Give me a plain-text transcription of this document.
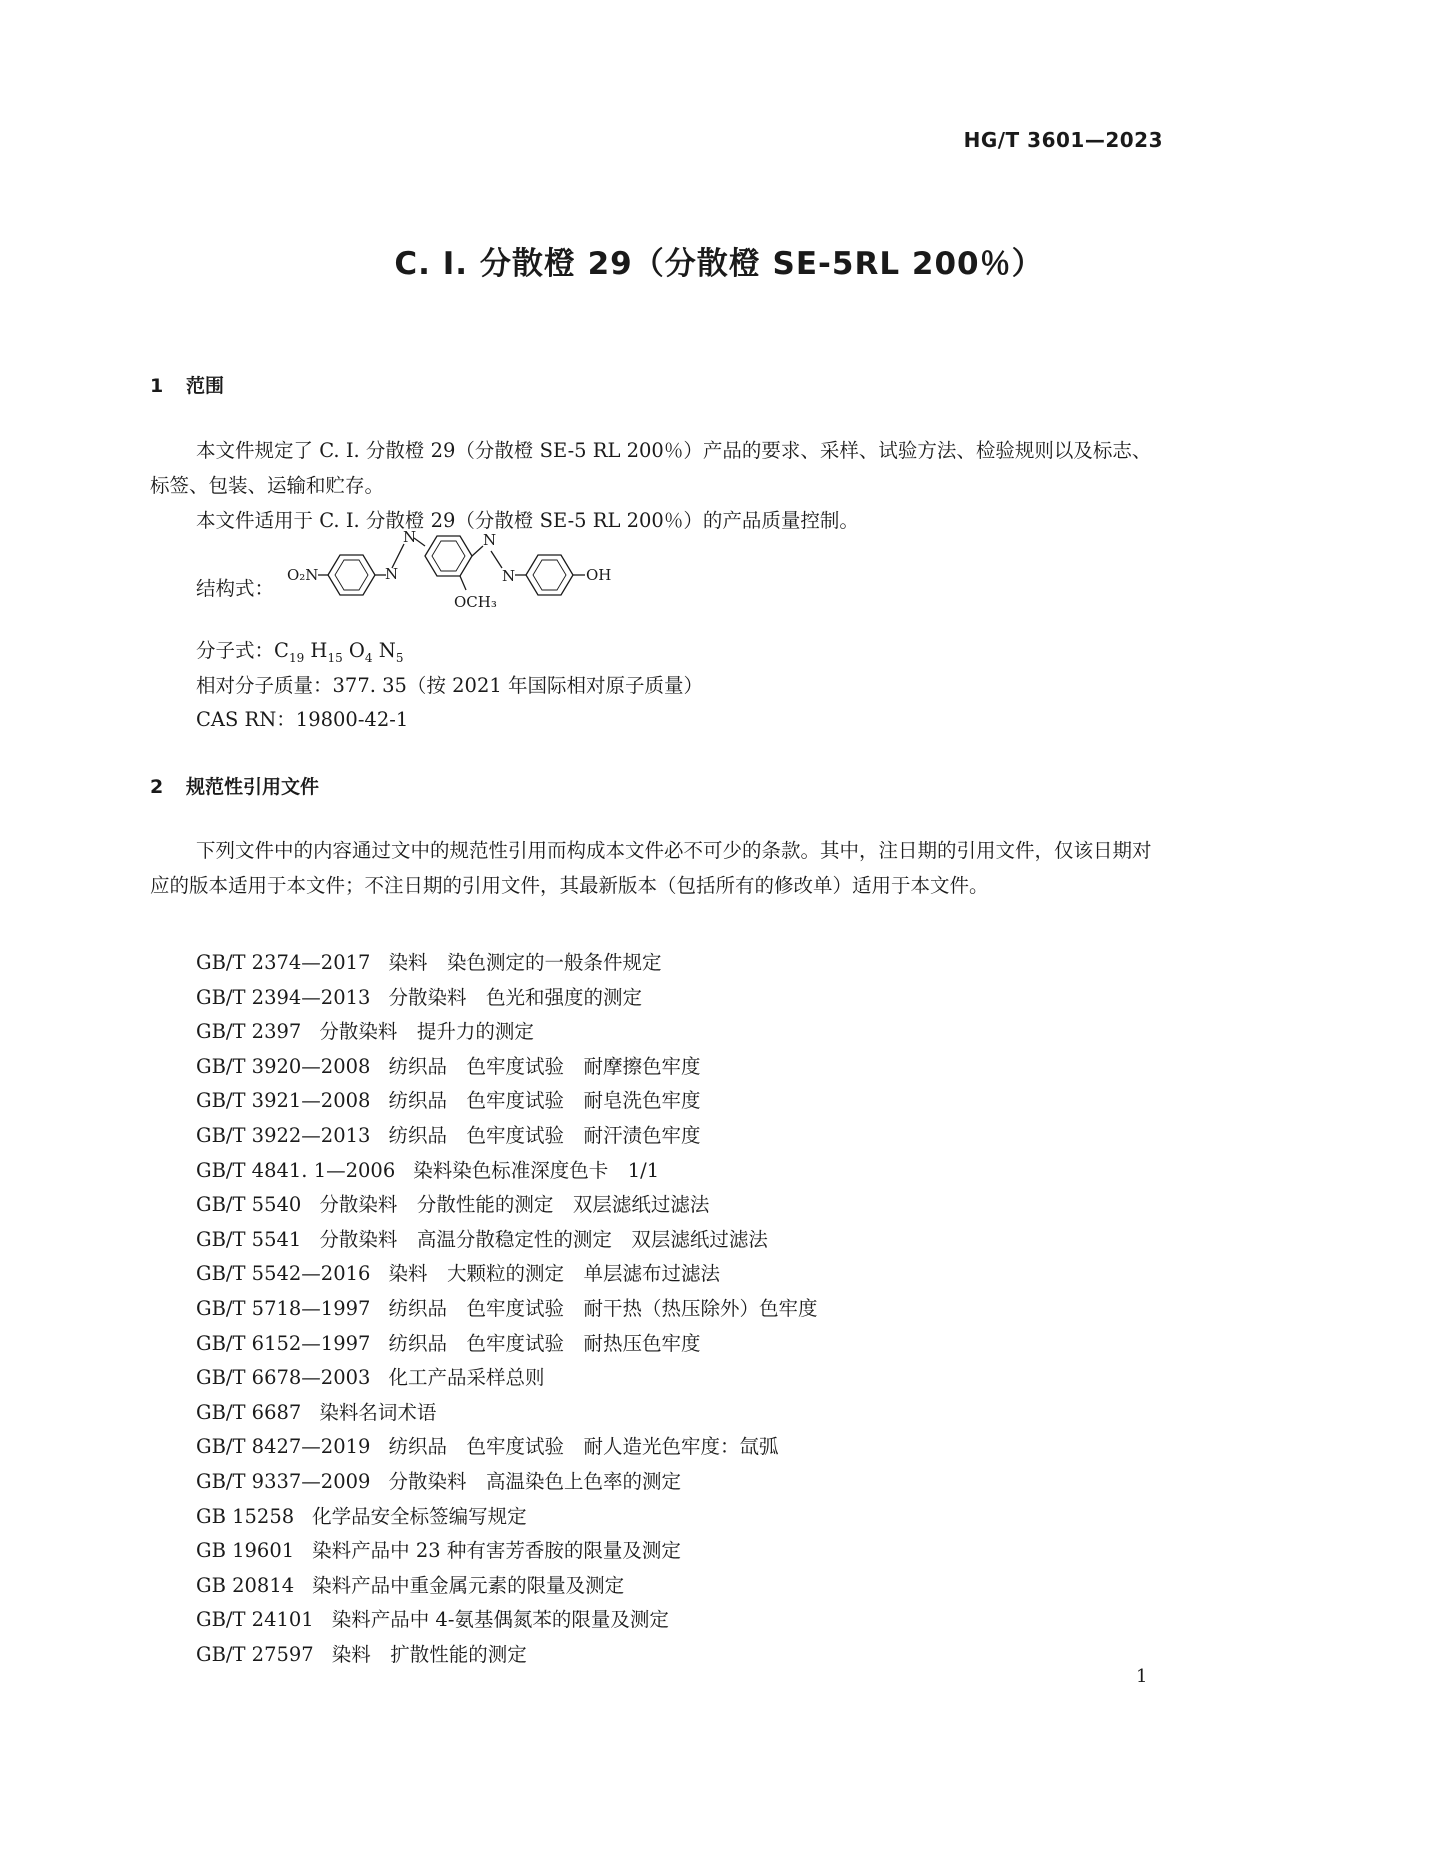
HG/T 3601—2023
C. I. 分散橙 29（分散橙 SE-5RL 200％）
1 范围
本文件规定了 C. I. 分散橙 29（分散橙 SE-5 RL 200％）产品的要求、采样、试验方法、检验规则以及标志、标签、包装、运输和贮存。
本文件适用于 C. I. 分散橙 29（分散橙 SE-5 RL 200％）的产品质量控制。
结构式：
O₂N	N
N
OCH₃
N
N	OH
分子式：$C_{19}$ $H_{15}$ $O_4$ $N_5$
相对分子质量：377. 35（按 2021 年国际相对原子质量）
CAS RN：19800-42-1
2 规范性引用文件
下列文件中的内容通过文中的规范性引用而构成本文件必不可少的条款。其中，注日期的引用文件，仅该日期对应的版本适用于本文件；不注日期的引用文件，其最新版本（包括所有的修改单）适用于本文件。
GB/T 2374—2017 染料　染色测定的一般条件规定
GB/T 2394—2013 分散染料　色光和强度的测定
GB/T 2397 分散染料　提升力的测定
GB/T 3920—2008 纺织品　色牢度试验　耐摩擦色牢度
GB/T 3921—2008 纺织品　色牢度试验　耐皂洗色牢度
GB/T 3922—2013 纺织品　色牢度试验　耐汗渍色牢度
GB/T 4841. 1—2006 染料染色标准深度色卡　1/1
GB/T 5540 分散染料　分散性能的测定　双层滤纸过滤法
GB/T 5541 分散染料　高温分散稳定性的测定　双层滤纸过滤法
GB/T 5542—2016 染料　大颗粒的测定　单层滤布过滤法
GB/T 5718—1997 纺织品　色牢度试验　耐干热（热压除外）色牢度
GB/T 6152—1997 纺织品　色牢度试验　耐热压色牢度
GB/T 6678—2003 化工产品采样总则
GB/T 6687 染料名词术语
GB/T 8427—2019 纺织品　色牢度试验　耐人造光色牢度：氙弧
GB/T 9337—2009 分散染料　高温染色上色率的测定
GB 15258 化学品安全标签编写规定
GB 19601 染料产品中 23 种有害芳香胺的限量及测定
GB 20814 染料产品中重金属元素的限量及测定
GB/T 24101 染料产品中 4-氨基偶氮苯的限量及测定
GB/T 27597 染料　扩散性能的测定
1
